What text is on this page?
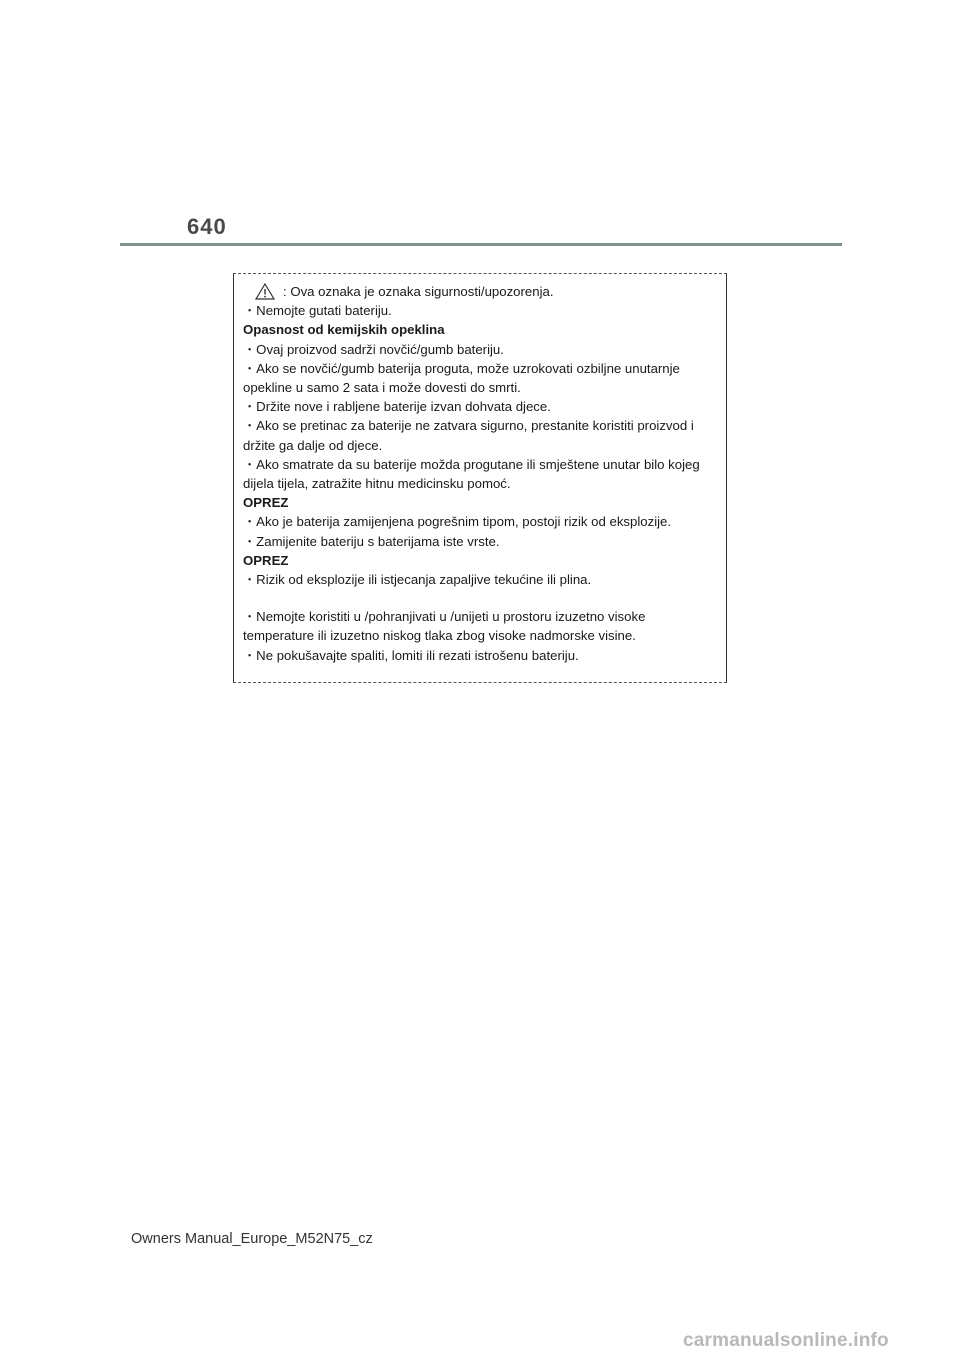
640
: Ova oznaka je oznaka sigurnosti/upozorenja.
・Nemojte gutati bateriju.
Opasnost od kemijskih opeklina
・Ovaj proizvod sadrži novčić/gumb bateriju.
・Ako se novčić/gumb baterija proguta, može uzrokovati ozbiljne unutarnje
opekline u samo 2 sata i može dovesti do smrti.
・Držite nove i rabljene baterije izvan dohvata djece.
・Ako se pretinac za baterije ne zatvara sigurno, prestanite koristiti proizvod i
držite ga dalje od djece.
・Ako smatrate da su baterije možda progutane ili smještene unutar bilo kojeg
dijela tijela, zatražite hitnu medicinsku pomoć.
OPREZ
・Ako je baterija zamijenjena pogrešnim tipom, postoji rizik od eksplozije.
・Zamijenite bateriju s baterijama iste vrste.
OPREZ
・Rizik od eksplozije ili istjecanja zapaljive tekućine ili plina.
・Nemojte koristiti u /pohranjivati u /unijeti u prostoru izuzetno visoke
temperature ili izuzetno niskog tlaka zbog visoke nadmorske visine.
・Ne pokušavajte spaliti, lomiti ili rezati istrošenu bateriju.
Owners Manual_Europe_M52N75_cz
carmanualsonline.info
